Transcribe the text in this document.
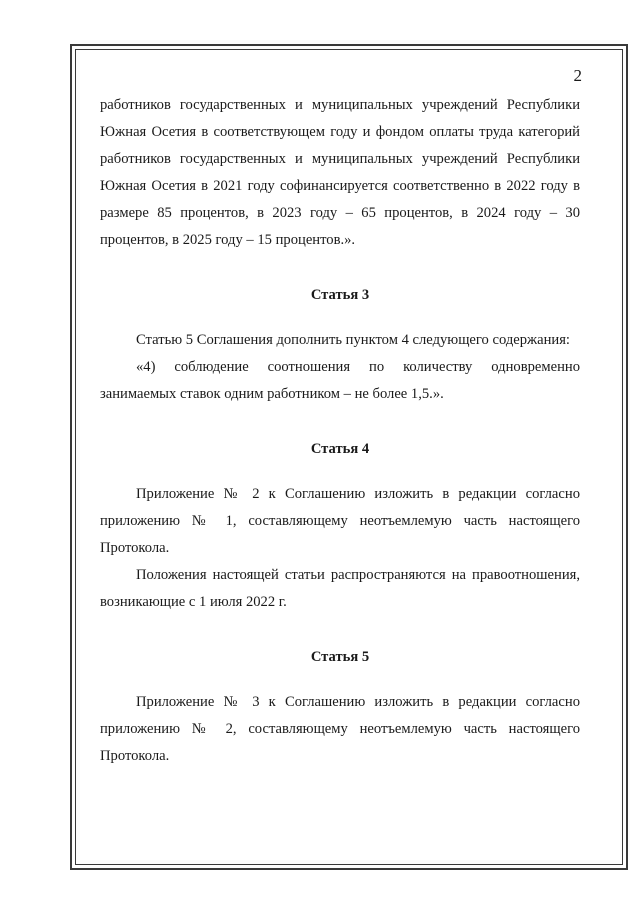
2

работников государственных и муниципальных учреждений Республики Южная Осетия в соответствующем году и фондом оплаты труда категорий работников государственных и муниципальных учреждений Республики Южная Осетия в 2021 году софинансируется соответственно в 2022 году в размере 85 процентов, в 2023 году – 65 процентов, в 2024 году – 30 процентов, в 2025 году – 15 процентов.».

Статья 3

Статью 5 Соглашения дополнить пунктом 4 следующего содержания:

«4) соблюдение соотношения по количеству одновременно занимаемых ставок одним работником – не более 1,5.».

Статья 4

Приложение № 2 к Соглашению изложить в редакции согласно приложению № 1, составляющему неотъемлемую часть настоящего Протокола.

Положения настоящей статьи распространяются на правоотношения, возникающие с 1 июля 2022 г.

Статья 5

Приложение № 3 к Соглашению изложить в редакции согласно приложению № 2, составляющему неотъемлемую часть настоящего Протокола.
